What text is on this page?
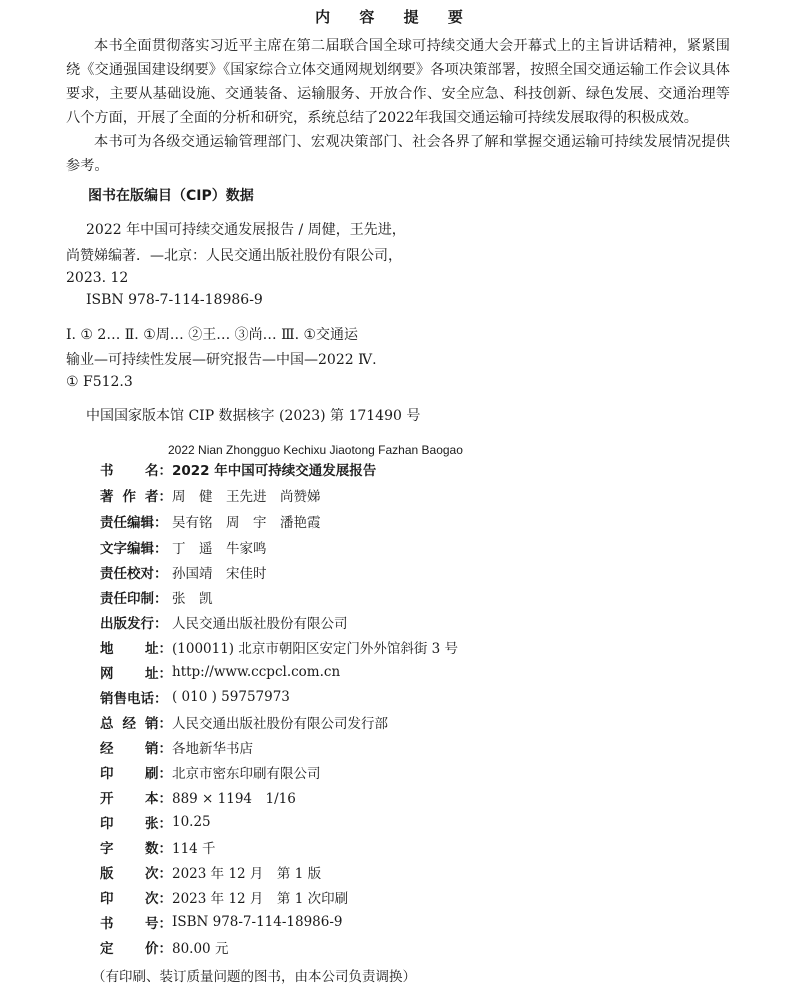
内 容 提 要
本书全面贯彻落实习近平主席在第二届联合国全球可持续交通大会开幕式上的主旨讲话精神，紧紧围绕《交通强国建设纲要》《国家综合立体交通网规划纲要》各项决策部署，按照全国交通运输工作会议具体要求，主要从基础设施、交通装备、运输服务、开放合作、安全应急、科技创新、绿色发展、交通治理等八个方面，开展了全面的分析和研究，系统总结了2022年我国交通运输可持续发展取得的积极成效。
本书可为各级交通运输管理部门、宏观决策部门、社会各界了解和掌握交通运输可持续发展情况提供参考。
图书在版编目（CIP）数据
2022 年中国可持续交通发展报告 / 周健，王先进，
尚赞娣编著．—北京：人民交通出版社股份有限公司，
2023. 12
ISBN 978-7-114-18986-9
Ⅰ. ① 2… Ⅱ. ①周… ②王… ③尚… Ⅲ. ①交通运
输业—可持续性发展—研究报告—中国—2022 Ⅳ.
① F512.3
中国国家版本馆 CIP 数据核字 (2023) 第 171490 号
2022 Nian Zhongguo Kechixu Jiaotong Fazhan Baogao
书 名： 2022 年中国可持续交通发展报告
著 作 者： 周　健　王先进　尚赞娣
责任编辑： 吴有铭　周　宇　潘艳霞
文字编辑： 丁　遥　牛家鸣
责任校对： 孙国靖　宋佳时
责任印制： 张　凯
出版发行： 人民交通出版社股份有限公司
地 址： (100011) 北京市朝阳区安定门外外馆斜街 3 号
网 址： http://www.ccpcl.com.cn
销售电话： ( 010 ) 59757973
总 经 销： 人民交通出版社股份有限公司发行部
经 销： 各地新华书店
印 刷： 北京市密东印刷有限公司
开 本： 889 × 1194　1/16
印 张： 10.25
字 数： 114 千
版 次： 2023 年 12 月　第 1 版
印 次： 2023 年 12 月　第 1 次印刷
书 号： ISBN 978-7-114-18986-9
定 价： 80.00 元
（有印刷、装订质量问题的图书，由本公司负责调换）
